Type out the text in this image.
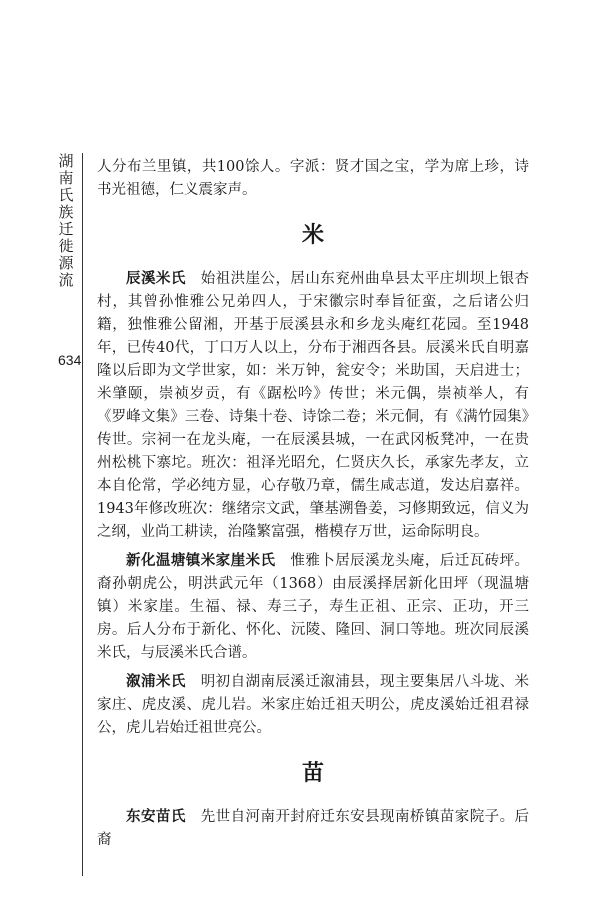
湖南氏族迁徙源流
634

人分布兰里镇，共100馀人。字派：贤才国之宝，学为席上珍，诗书光祖德，仁义震家声。

米

辰溪米氏　 始祖洪崖公，居山东兖州曲阜县太平庄圳坝上银杏村，其曾孙惟雅公兄弟四人，于宋徽宗时奉旨征蛮，之后诸公归籍，独惟雅公留湘，开基于辰溪县永和乡龙头庵红花园。至1948年，已传40代，丁口万人以上，分布于湘西各县。辰溪米氏自明嘉隆以后即为文学世家，如：米万钟，瓮安令；米助国，天启进士；米肇颐，崇祯岁贡，有《踞松吟》传世；米元偶，崇祯举人，有《罗峰文集》三卷、诗集十卷、诗馀二卷；米元侗，有《满竹园集》传世。宗祠一在龙头庵，一在辰溪县城，一在武冈板凳冲，一在贵州松桃下寨坨。班次：祖泽光昭允，仁贤庆久长，承家先孝友，立本自伦常，学必纯方显，心存敬乃章，儒生咸志道，发达启嘉祥。1943年修改班次：继绪宗文武，肇基溯鲁姜，习修期致远，信义为之纲，业尚工耕读，治隆繁富强，楷模存万世，运命际明良。

新化温塘镇米家崖米氏　 惟雅卜居辰溪龙头庵，后迁瓦砖坪。裔孙朝虎公，明洪武元年（1368）由辰溪择居新化田坪（现温塘镇）米家崖。生福、禄、寿三子，寿生正祖、正宗、正功，开三房。后人分布于新化、怀化、沅陵、隆回、洞口等地。班次同辰溪米氏，与辰溪米氏合谱。

溆浦米氏　 明初自湖南辰溪迁溆浦县，现主要集居八斗垅、米家庄、虎皮溪、虎儿岩。米家庄始迁祖天明公，虎皮溪始迁祖君禄公，虎儿岩始迁祖世亮公。

苗

东安苗氏　 先世自河南开封府迁东安县现南桥镇苗家院子。后裔
